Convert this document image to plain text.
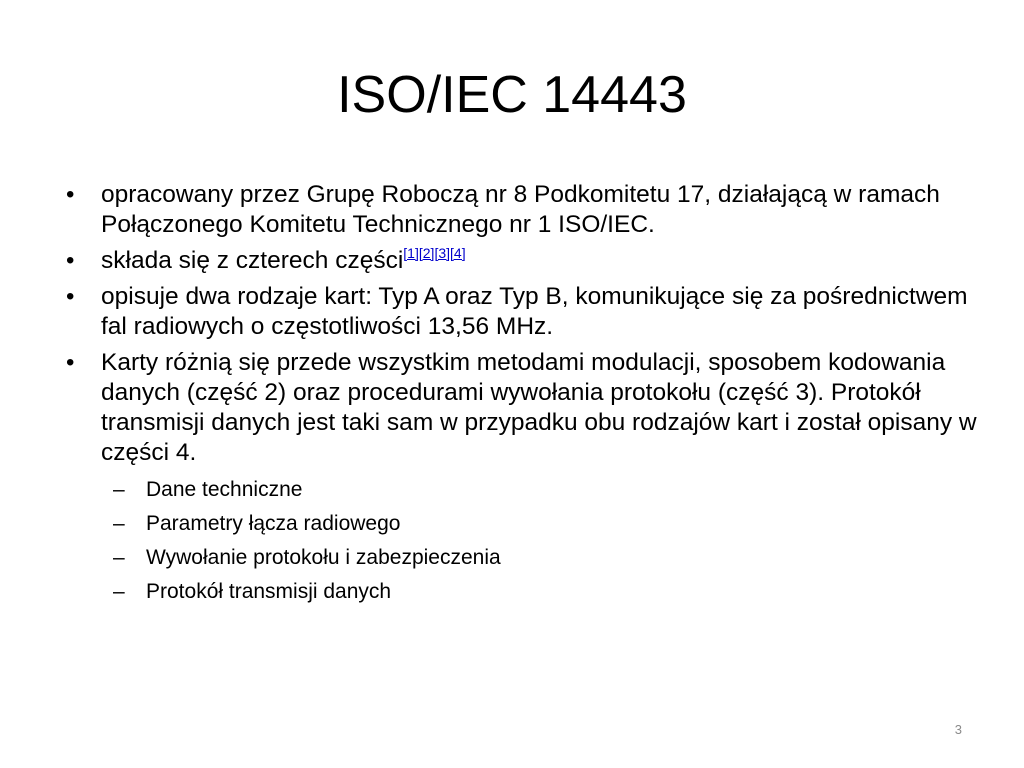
ISO/IEC 14443
• opracowany przez Grupę Roboczą nr 8 Podkomitetu 17, działającą w ramach Połączonego Komitetu Technicznego nr 1 ISO/IEC.
• składa się z czterech części[1][2][3][4]
• opisuje dwa rodzaje kart: Typ A oraz Typ B, komunikujące się za pośrednictwem fal radiowych o częstotliwości 13,56 MHz.
• Karty różnią się przede wszystkim metodami modulacji, sposobem kodowania danych (część 2) oraz procedurami wywołania protokołu (część 3). Protokół transmisji danych jest taki sam w przypadku obu rodzajów kart i został opisany w części 4.
– Dane techniczne
– Parametry łącza radiowego
– Wywołanie protokołu i zabezpieczenia
– Protokół transmisji danych
3
